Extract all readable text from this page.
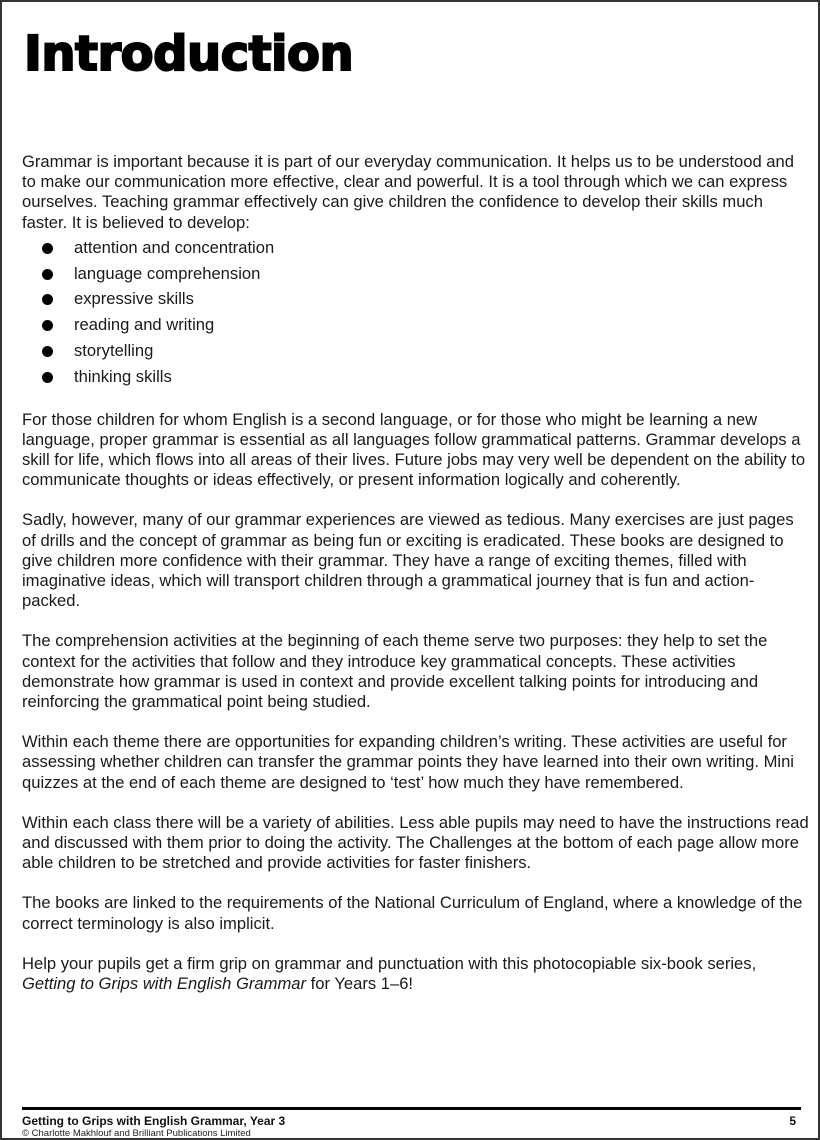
Introduction

Grammar is important because it is part of our everyday communication. It helps us to be understood and to make our communication more effective, clear and powerful. It is a tool through which we can express ourselves. Teaching grammar effectively can give children the confidence to develop their skills much faster. It is believed to develop:

attention and concentration
language comprehension
expressive skills
reading and writing
storytelling
thinking skills

For those children for whom English is a second language, or for those who might be learning a new language, proper grammar is essential as all languages follow grammatical patterns. Grammar develops a skill for life, which flows into all areas of their lives. Future jobs may very well be dependent on the ability to communicate thoughts or ideas effectively, or present information logically and coherently.

Sadly, however, many of our grammar experiences are viewed as tedious. Many exercises are just pages of drills and the concept of grammar as being fun or exciting is eradicated. These books are designed to give children more confidence with their grammar. They have a range of exciting themes, filled with imaginative ideas, which will transport children through a grammatical journey that is fun and action-packed.

The comprehension activities at the beginning of each theme serve two purposes: they help to set the context for the activities that follow and they introduce key grammatical concepts. These activities demonstrate how grammar is used in context and provide excellent talking points for introducing and reinforcing the grammatical point being studied.

Within each theme there are opportunities for expanding children’s writing. These activities are useful for assessing whether children can transfer the grammar points they have learned into their own writing. Mini quizzes at the end of each theme are designed to ‘test’ how much they have remembered.

Within each class there will be a variety of abilities. Less able pupils may need to have the instructions read and discussed with them prior to doing the activity. The Challenges at the bottom of each page allow more able children to be stretched and provide activities for faster finishers.

The books are linked to the requirements of the National Curriculum of England, where a knowledge of the correct terminology is also implicit.

Help your pupils get a firm grip on grammar and punctuation with this photocopiable six-book series, Getting to Grips with English Grammar for Years 1–6!

Getting to Grips with English Grammar, Year 3
© Charlotte Makhlouf and Brilliant Publications Limited
5
